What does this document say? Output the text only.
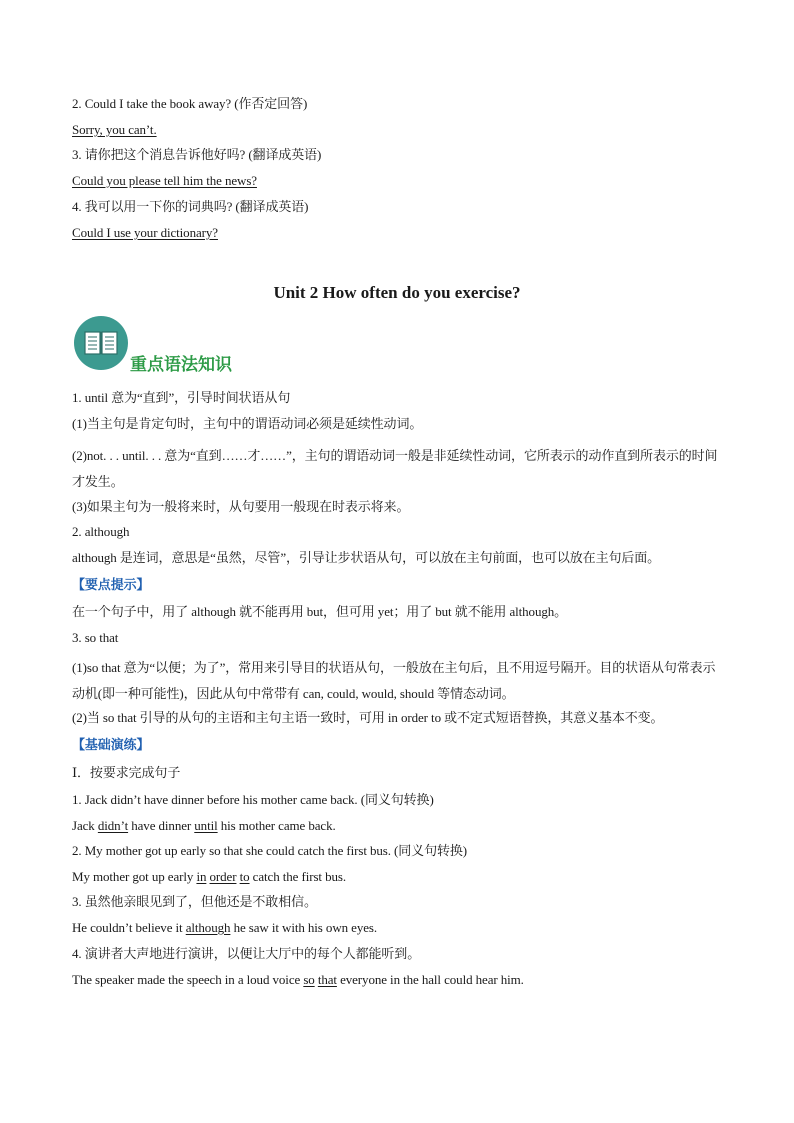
2. Could I take the book away? (作否定回答)
Sorry, you can’t.
3. 请你把这个消息告诉他好吗? (翻译成英语)
Could you please tell him the news?
4. 我可以用一下你的词典吗? (翻译成英语)
Could I use your dictionary?
Unit 2 How often do you exercise?
重点语法知识
1. until 意为“直到”，引导时间状语从句
(1)当主句是肯定句时，主句中的谓语动词必须是延续性动词。
(2)not. . . until. . . 意为“直到……才……”，主句的谓语动词一般是非延续性动词，它所表示的动作直到所表示的时间才发生。
(3)如果主句为一般将来时，从句要用一般现在时表示将来。
2. although
although 是连词，意思是“虽然，尽管”，引导让步状语从句，可以放在主句前面，也可以放在主句后面。
【要点提示】
在一个句子中，用了 although 就不能再用 but，但可用 yet；用了 but 就不能用 although。
3. so that
(1)so that 意为“以便；为了”，常用来引导目的状语从句，一般放在主句后，且不用逗号隔开。目的状语从句常表示动机(即一种可能性)，因此从句中常带有 can, could, would, should 等情态动词。
(2)当 so that 引导的从句的主语和主句主语一致时，可用 in order to 或不定式短语替换，其意义基本不变。
【基础演练】
Ⅰ．按要求完成句子
1. Jack didn’t have dinner before his mother came back. (同义句转换)
Jack didn’t have dinner until his mother came back.
2. My mother got up early so that she could catch the first bus. (同义句转换)
My mother got up early in order to catch the first bus.
3. 虽然他亲眼见到了，但他还是不敢相信。
He couldn’t believe it although he saw it with his own eyes.
4. 演讲者大声地进行演讲，以便让大厅中的每个人都能听到。
The speaker made the speech in a loud voice so that everyone in the hall could hear him.
